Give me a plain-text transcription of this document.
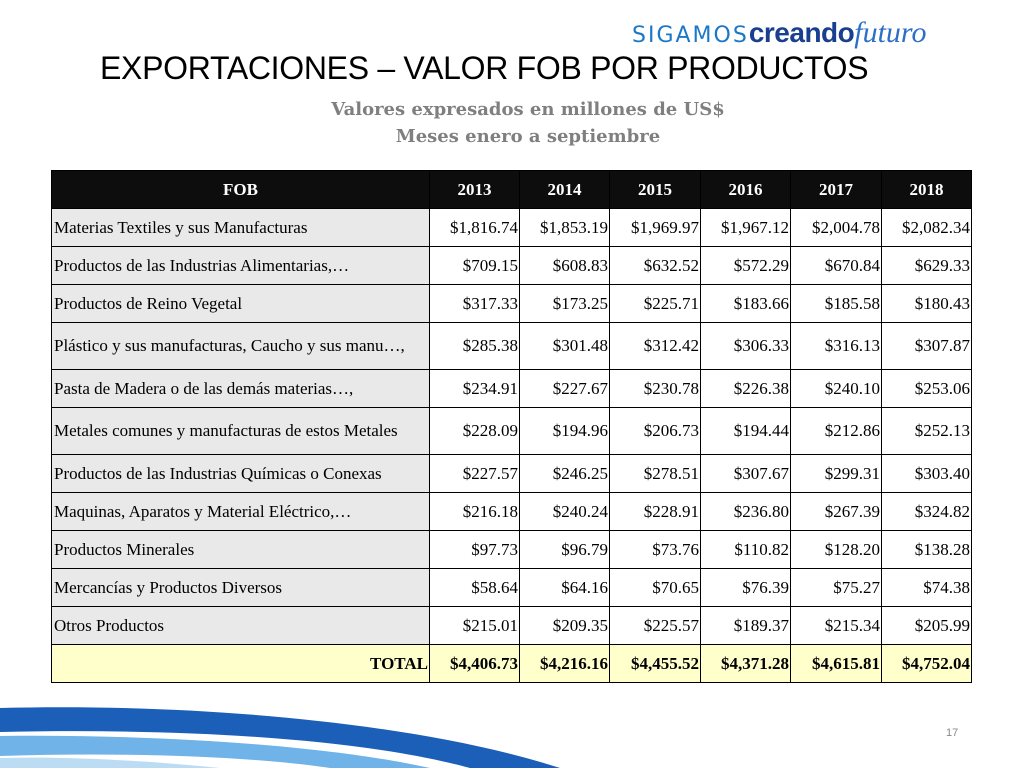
SIGAMOScreandofuturo
EXPORTACIONES – VALOR FOB POR PRODUCTOS
Valores expresados en millones de US$
Meses enero a septiembre
FOB	2013	2014	2015	2016	2017	2018
Materias Textiles y sus Manufacturas	$1,816.74	$1,853.19	$1,969.97	$1,967.12	$2,004.78	$2,082.34
Productos de las Industrias Alimentarias,…	$709.15	$608.83	$632.52	$572.29	$670.84	$629.33
Productos de Reino Vegetal	$317.33	$173.25	$225.71	$183.66	$185.58	$180.43
Plástico y sus manufacturas, Caucho y sus manu…,	$285.38	$301.48	$312.42	$306.33	$316.13	$307.87
Pasta de Madera o de las demás materias…,	$234.91	$227.67	$230.78	$226.38	$240.10	$253.06
Metales comunes y manufacturas de estos Metales	$228.09	$194.96	$206.73	$194.44	$212.86	$252.13
Productos de las Industrias Químicas o Conexas	$227.57	$246.25	$278.51	$307.67	$299.31	$303.40
Maquinas, Aparatos y Material Eléctrico,…	$216.18	$240.24	$228.91	$236.80	$267.39	$324.82
Productos Minerales	$97.73	$96.79	$73.76	$110.82	$128.20	$138.28
Mercancías y Productos Diversos	$58.64	$64.16	$70.65	$76.39	$75.27	$74.38
Otros Productos	$215.01	$209.35	$225.57	$189.37	$215.34	$205.99
TOTAL	$4,406.73	$4,216.16	$4,455.52	$4,371.28	$4,615.81	$4,752.04
17
